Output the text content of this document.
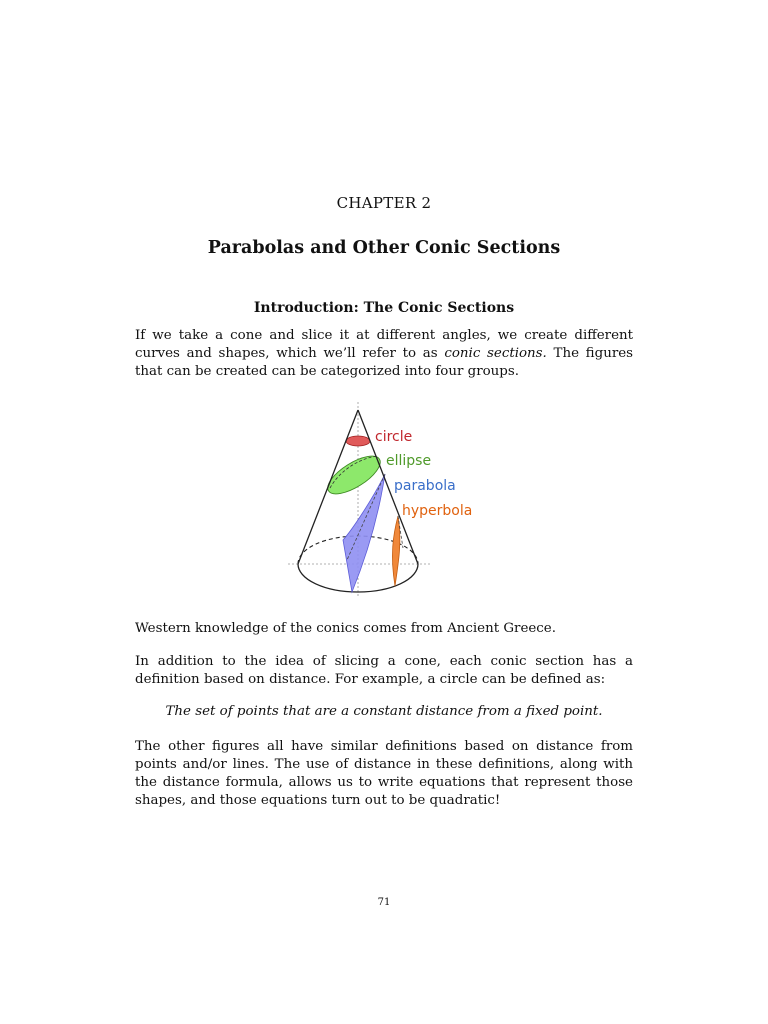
CHAPTER 2
Parabolas and Other Conic Sections
Introduction: The Conic Sections

If we take a cone and slice it at different angles, we create different curves and shapes, which we’ll refer to as conic sections. The figures that can be created can be categorized into four groups.

circle
ellipse
parabola
hyperbola

Western knowledge of the conics comes from Ancient Greece.

In addition to the idea of slicing a cone, each conic section has a definition based on distance. For example, a circle can be defined as:

The set of points that are a constant distance from a fixed point.

The other figures all have similar definitions based on distance from points and/or lines. The use of distance in these definitions, along with the distance formula, allows us to write equations that represent those shapes, and those equations turn out to be quadratic!

71
